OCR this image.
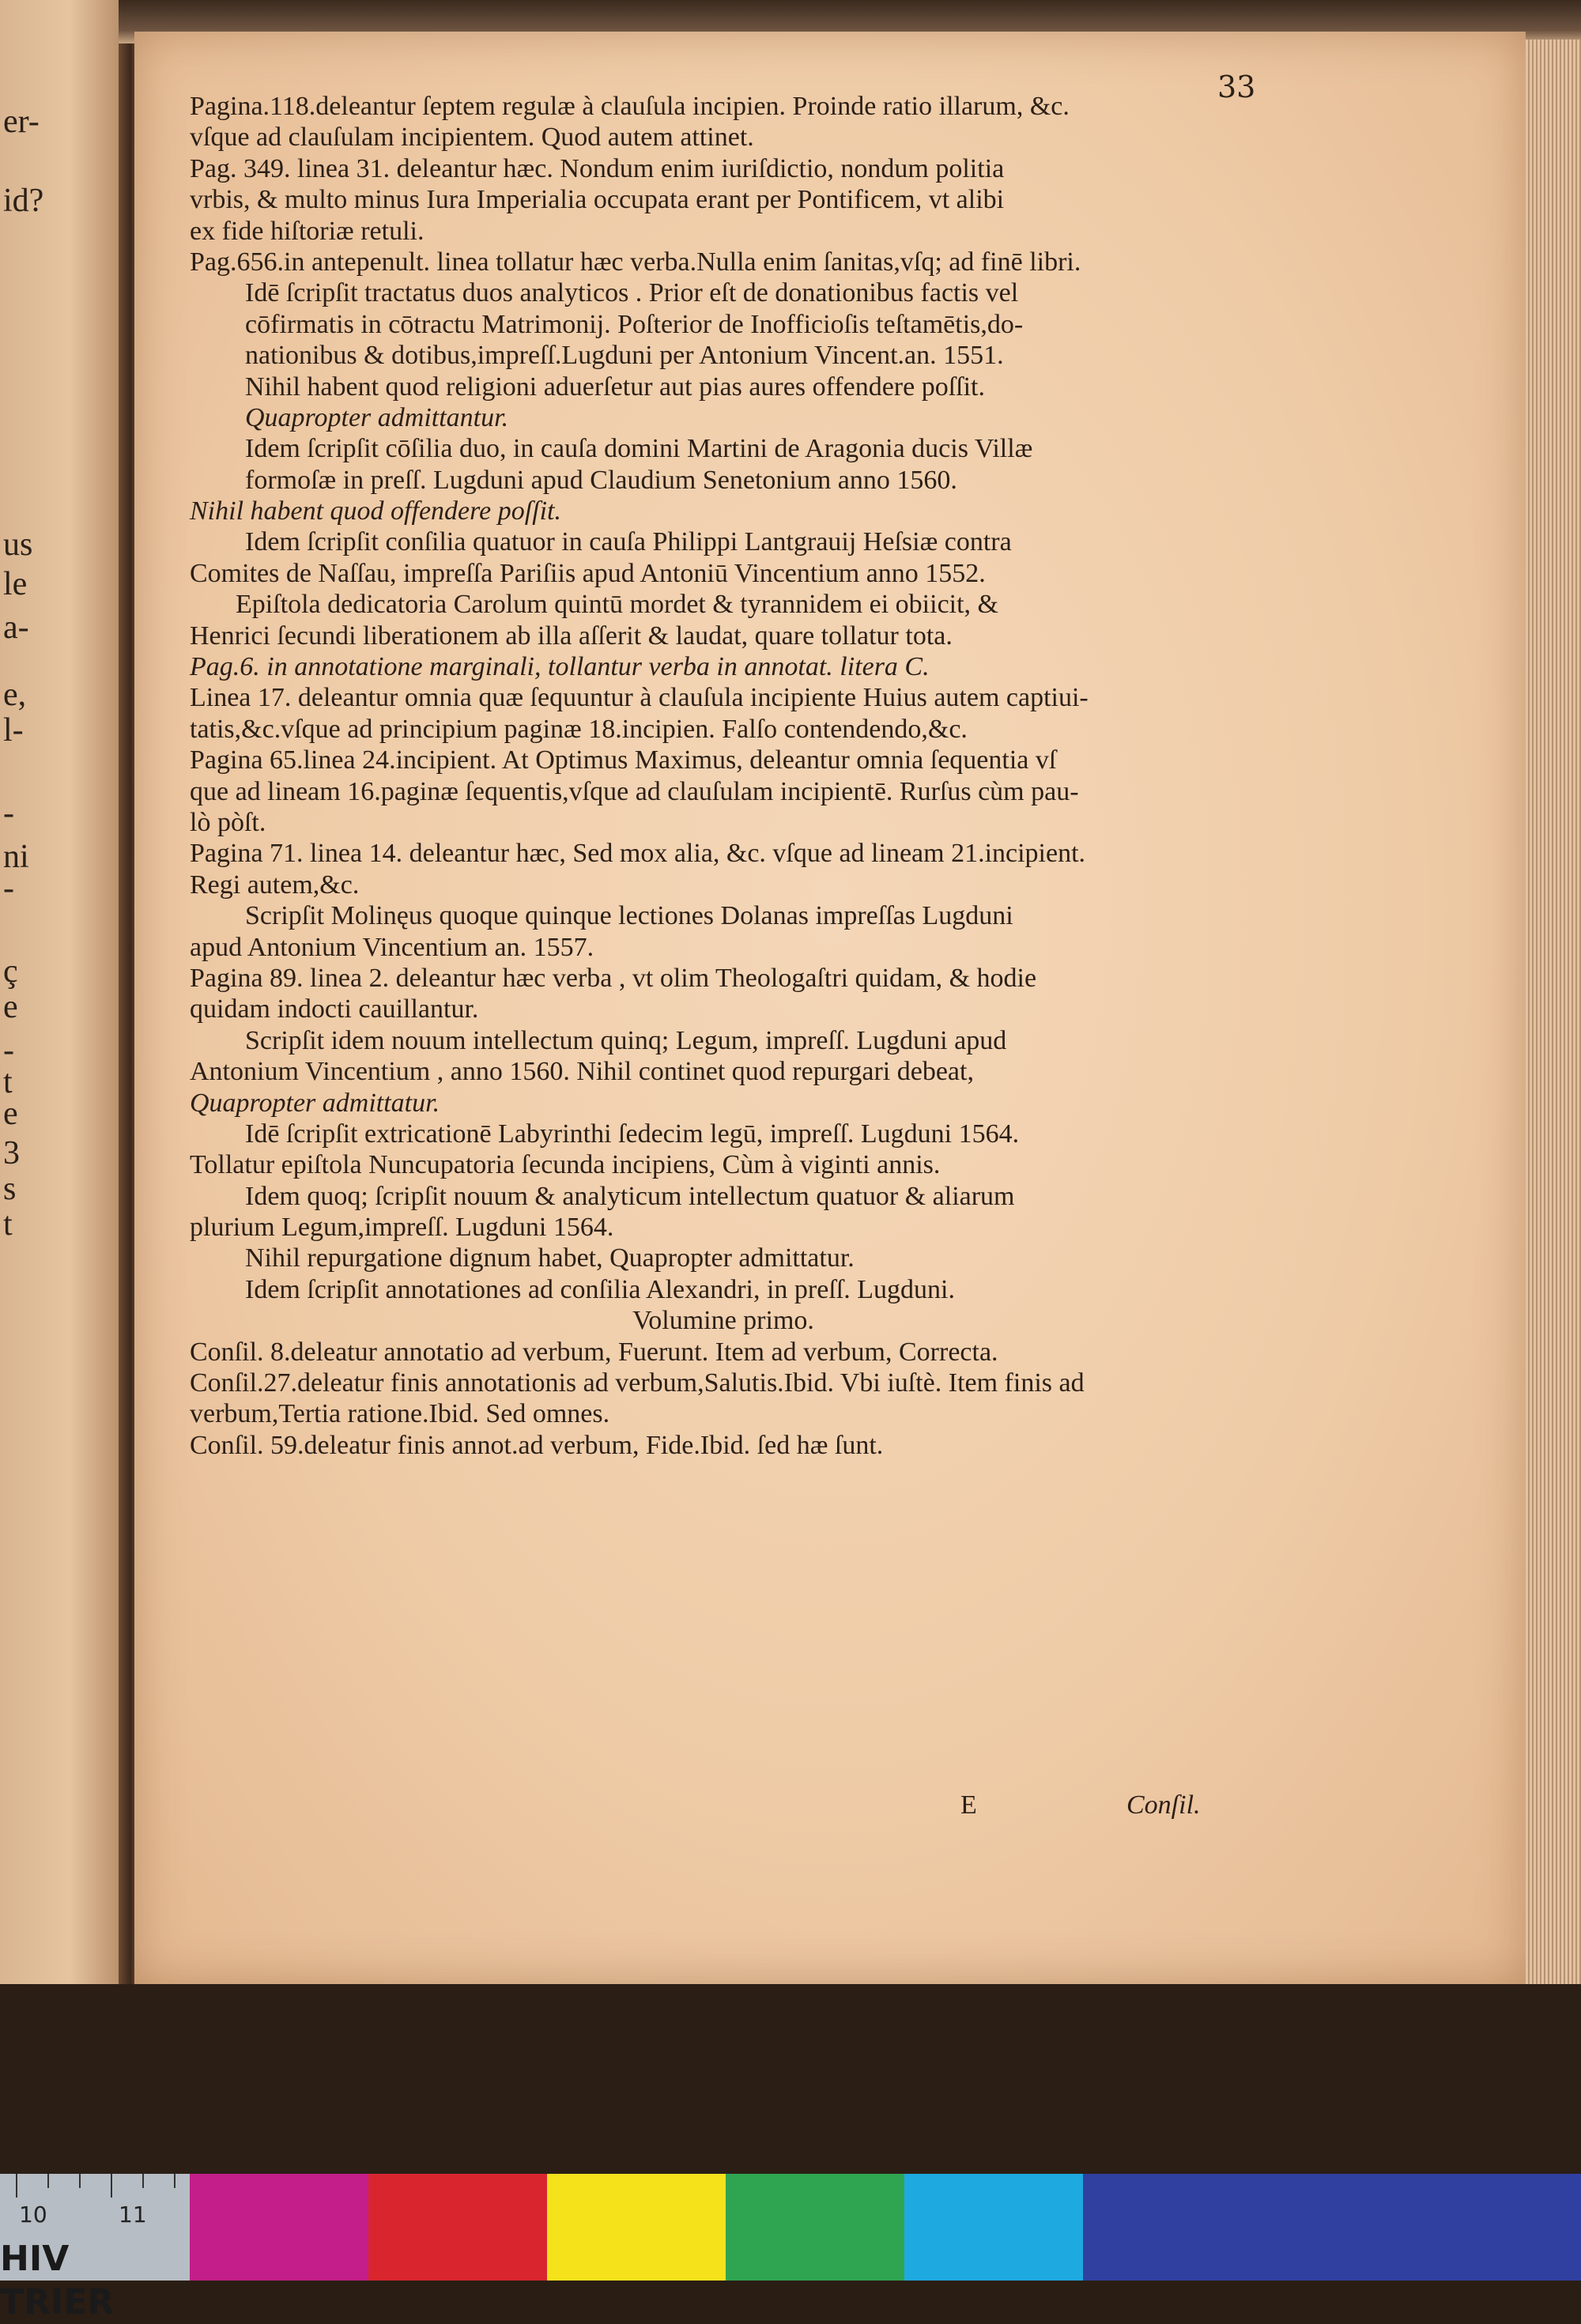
er-
id?
us
le
a-
e,
l-
-
ni
-
ç
e
-
t
e
3
s
t
33
Pagina.118.deleantur ſeptem regulæ à clauſula incipien. Proinde ratio illarum, &c.
vſque ad clauſulam incipientem. Quod autem attinet.
Pag. 349. linea 31. deleantur hæc. Nondum enim iuriſdictio, nondum politia
vrbis, & multo minus Iura Imperialia occupata erant per Pontificem, vt alibi
ex fide hiſtoriæ retuli.
Pag.656.in antepenult. linea tollatur hæc verba.Nulla enim ſanitas,vſq; ad finē libri.
Idē ſcripſit tractatus duos analyticos . Prior eſt de donationibus factis vel
cōfirmatis in cōtractu Matrimonij. Poſterior de Inofficioſis teſtamētis,do-
nationibus & dotibus,impreſſ.Lugduni per Antonium Vincent.an. 1551.
Nihil habent quod religioni aduerſetur aut pias aures offendere poſſit.
Quapropter admittantur.
Idem ſcripſit cōſilia duo, in cauſa domini Martini de Aragonia ducis Villæ
formoſæ in preſſ. Lugduni apud Claudium Senetonium anno 1560.
Nihil habent quod offendere poſſit.
Idem ſcripſit conſilia quatuor in cauſa Philippi Lantgrauij Heſsiæ contra
Comites de Naſſau, impreſſa Pariſiis apud Antoniū Vincentium anno 1552.
Epiſtola dedicatoria Carolum quintū mordet & tyrannidem ei obiicit, &
Henrici ſecundi liberationem ab illa aſſerit & laudat, quare tollatur tota.
Pag.6. in annotatione marginali, tollantur verba in annotat. litera C.
Linea 17. deleantur omnia quæ ſequuntur à clauſula incipiente Huius autem captiui-
tatis,&c.vſque ad principium paginæ 18.incipien. Falſo contendendo,&c.
Pagina 65.linea 24.incipient. At Optimus Maximus, deleantur omnia ſequentia vſ
que ad lineam 16.paginæ ſequentis,vſque ad clauſulam incipientē. Rurſus cùm pau-
lò pòſt.
Pagina 71. linea 14. deleantur hæc, Sed mox alia, &c. vſque ad lineam 21.incipient.
Regi autem,&c.
Scripſit Molinęus quoque quinque lectiones Dolanas impreſſas Lugduni
apud Antonium Vincentium an. 1557.
Pagina 89. linea 2. deleantur hæc verba , vt olim Theologaſtri quidam, & hodie
quidam indocti cauillantur.
Scripſit idem nouum intellectum quinq; Legum, impreſſ. Lugduni apud
Antonium Vincentium , anno 1560. Nihil continet quod repurgari debeat,
Quapropter admittatur.
Idē ſcripſit extricationē Labyrinthi ſedecim legū, impreſſ. Lugduni 1564.
Tollatur epiſtola Nuncupatoria ſecunda incipiens, Cùm à viginti annis.
Idem quoq; ſcripſit nouum & analyticum intellectum quatuor & aliarum
plurium Legum,impreſſ. Lugduni 1564.
Nihil repurgatione dignum habet, Quapropter admittatur.
Idem ſcripſit annotationes ad conſilia Alexandri, in preſſ. Lugduni.
Volumine primo.
Conſil. 8.deleatur annotatio ad verbum, Fuerunt. Item ad verbum, Correcta.
Conſil.27.deleatur finis annotationis ad verbum,Salutis.Ibid. Vbi iuſtè. Item finis ad
verbum,Tertia ratione.Ibid. Sed omnes.
Conſil. 59.deleatur finis annot.ad verbum, Fide.Ibid. ſed hæ ſunt.
E	Conſil.
10	11
HIV TRIER
